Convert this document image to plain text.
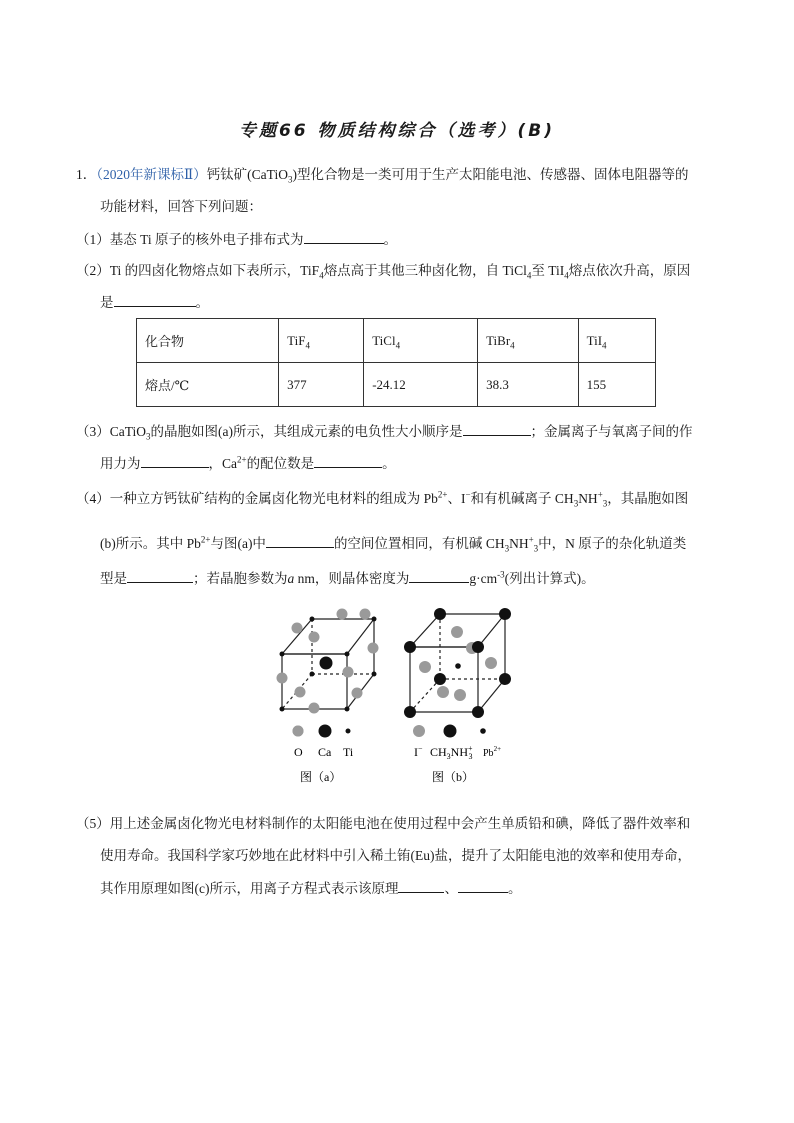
专题66 物质结构综合（选考）(B)
1．（2020年新课标Ⅱ）钙钛矿(CaTiO$_3$)型化合物是一类可用于生产太阳能电池、传感器、固体电阻器等的
功能材料，回答下列问题：
（1）基态 Ti 原子的核外电子排布式为	。
（2）Ti 的四卤化物熔点如下表所示，TiF$_4$熔点高于其他三种卤化物，自 TiCl$_4$至 TiI$_4$熔点依次升高，原因
是	。
化合物	TiF$_4$	TiCl$_4$	TiBr$_4$	TiI$_4$
熔点/℃	377	-24.12	38.3	155
（3）CaTiO$_3$的晶胞如图(a)所示，其组成元素的电负性大小顺序是	；金属离子与氧离子间的作
用力为	，$Ca^{2+}$的配位数是	。
（4）一种立方钙钛矿结构的金属卤化物光电材料的组成为 $Pb^{2+}$、I−和有机碱离子 $CH_3NH^+_3$，其晶胞如图
(b)所示。其中 $Pb^{2+}$与图(a)中	的空间位置相同，有机碱 $CH_3NH^+_3$中，N 原子的杂化轨道类
型是	；若晶胞参数为a nm，则晶体密度为	$g\cdot cm^{-3}$(列出计算式)。
O Ca Ti
图（a）
I− $CH_3NH^+$ 3 $Pb^{2+}$
图（b）
（5）用上述金属卤化物光电材料制作的太阳能电池在使用过程中会产生单质铅和碘，降低了器件效率和
使用寿命。我国科学家巧妙地在此材料中引入稀土铕(Eu)盐，提升了太阳能电池的效率和使用寿命，
其作用原理如图(c)所示，用离子方程式表示该原理	、	。
